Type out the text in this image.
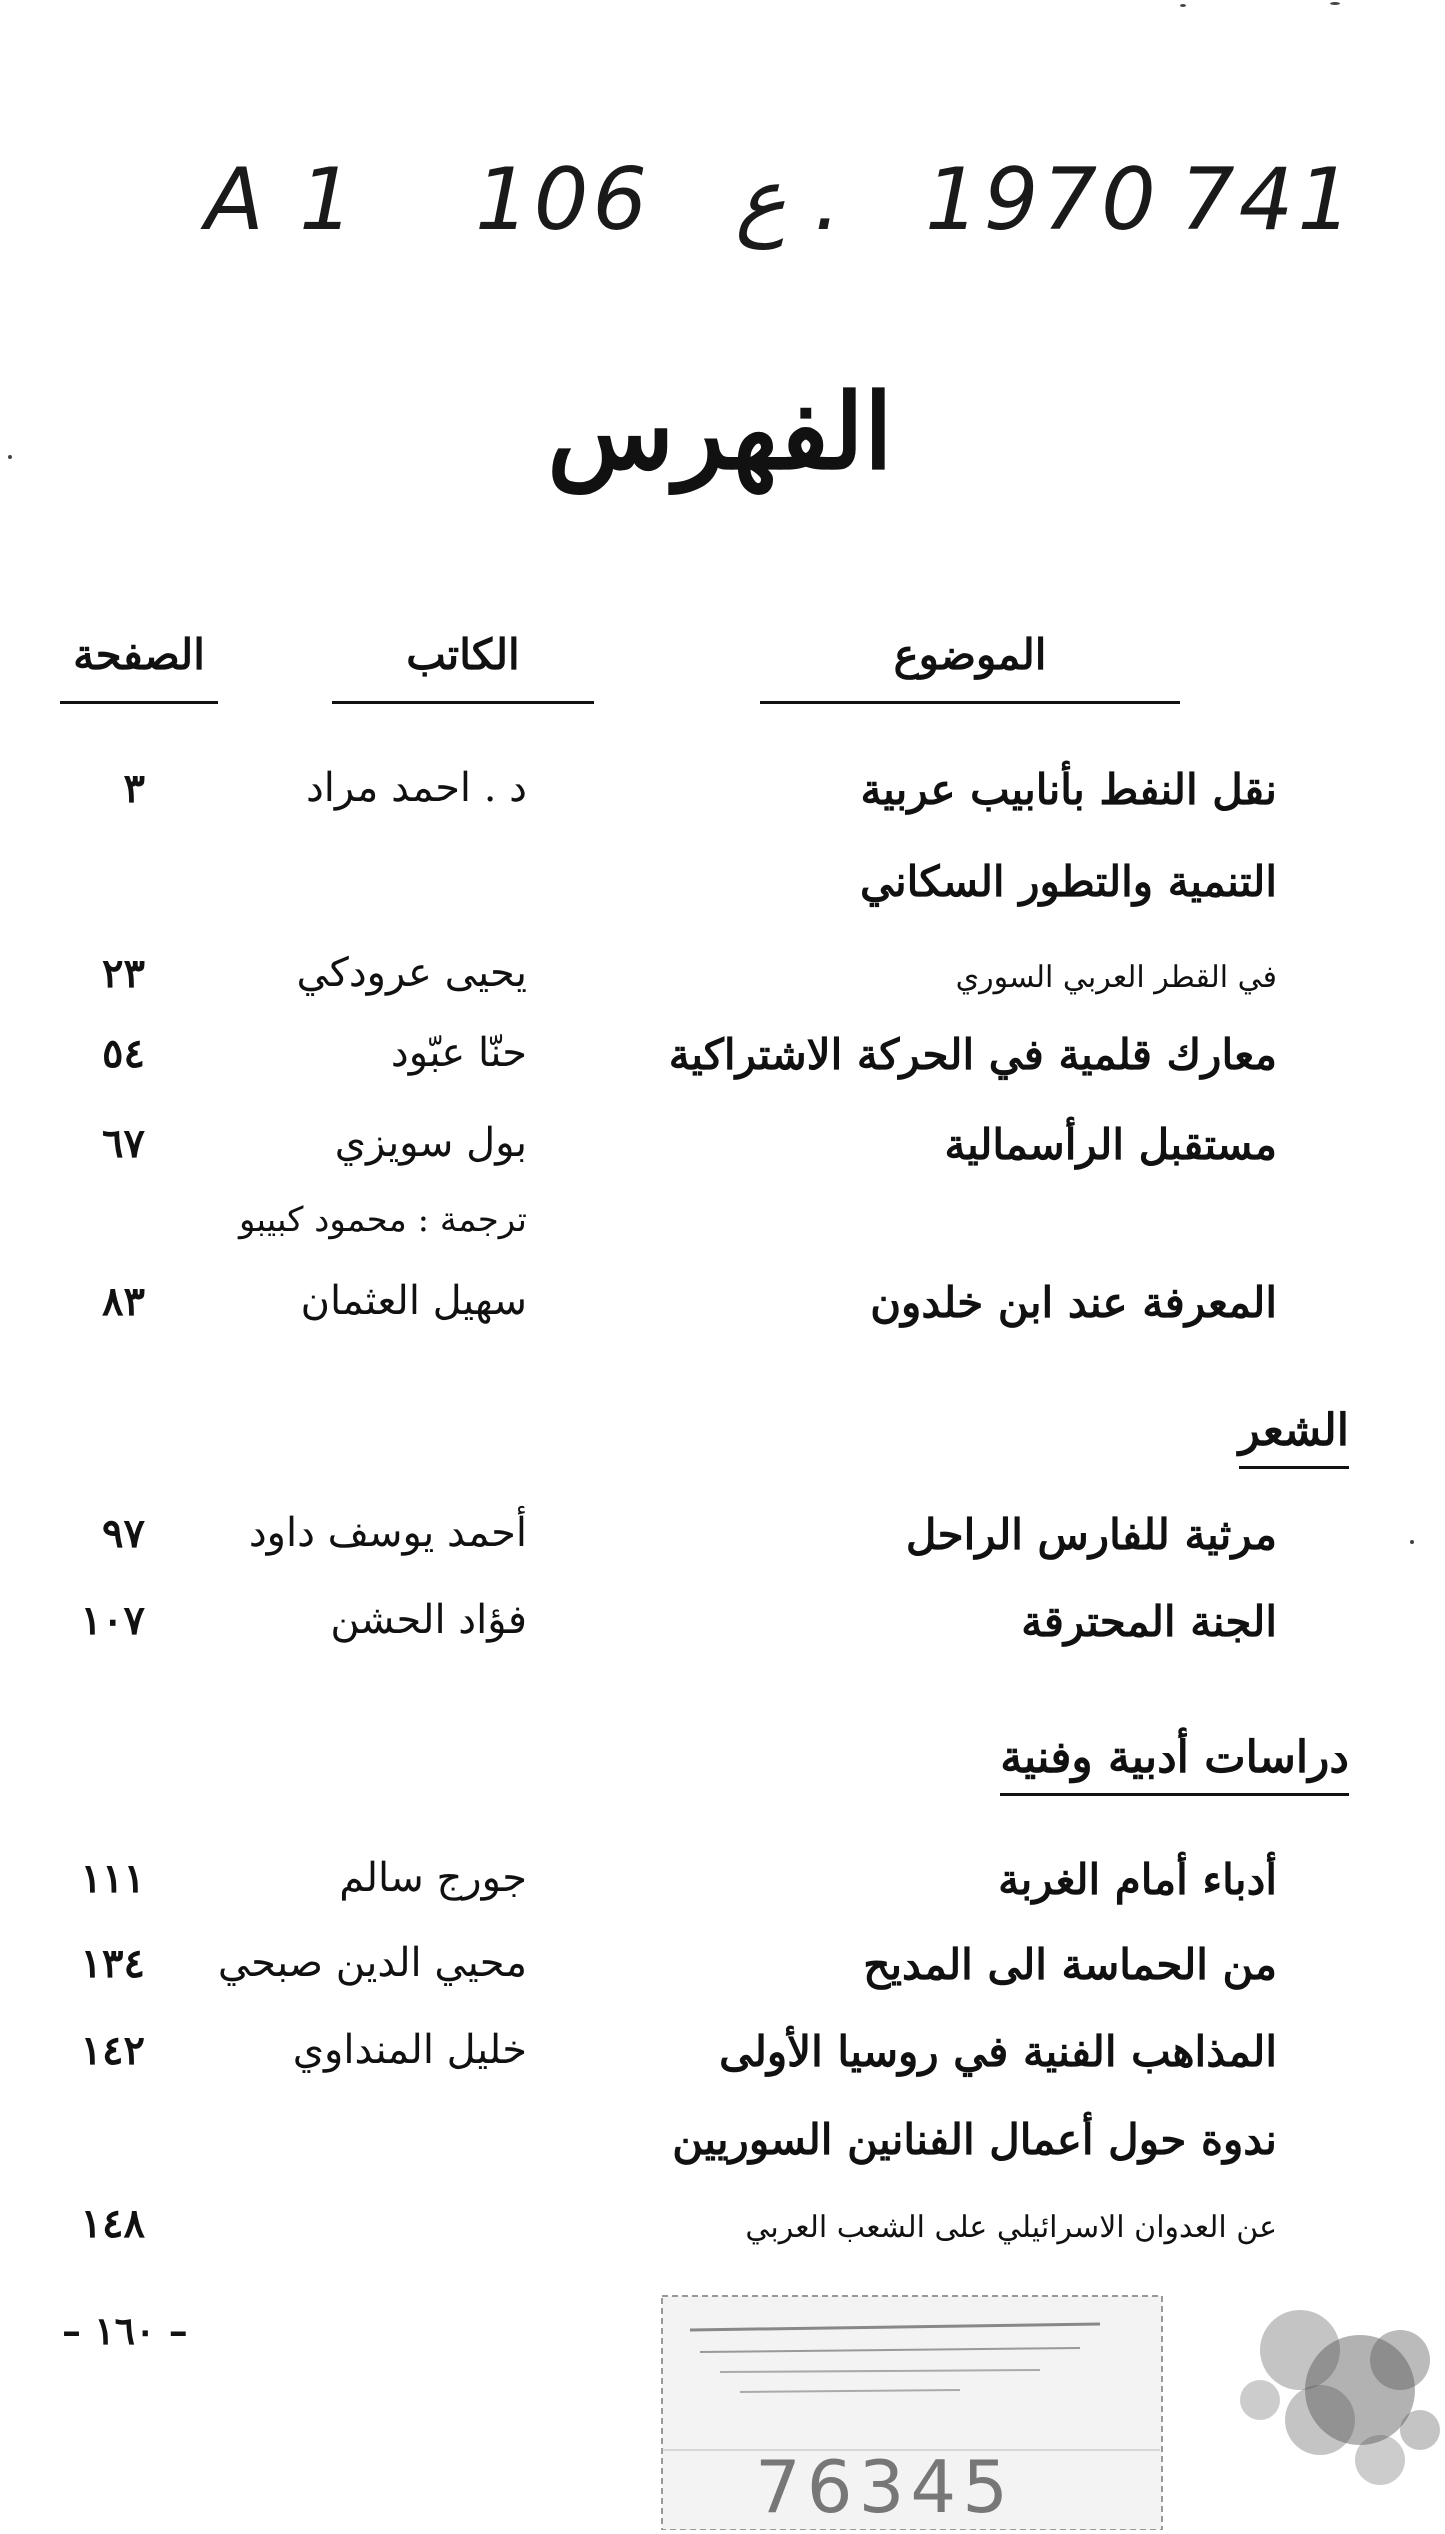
A 1 106 ع . 1970 741
الفهرس
الموضوع
الكاتب
الصفحة
نقل النفط بأنابيب عربية
د . احمد مراد
٣
التنمية والتطور السكاني
في القطر العربي السوري
يحيى عرودكي
٢٣
معارك قلمية في الحركة الاشتراكية
حنّا عبّود
٥٤
مستقبل الرأسمالية
بول سويزي
٦٧
ترجمة : محمود كبيبو
المعرفة عند ابن خلدون
سهيل العثمان
٨٣
الشعر
مرثية للفارس الراحل
أحمد يوسف داود
٩٧
الجنة المحترقة
فؤاد الحشن
١٠٧
دراسات أدبية وفنية
أدباء أمام الغربة
جورج سالم
١١١
من الحماسة الى المديح
محيي الدين صبحي
١٣٤
المذاهب الفنية في روسيا الأولى
خليل المنداوي
١٤٢
ندوة حول أعمال الفنانين السوريين
عن العدوان الاسرائيلي على الشعب العربي
١٤٨
– ١٦٠ –
76345
